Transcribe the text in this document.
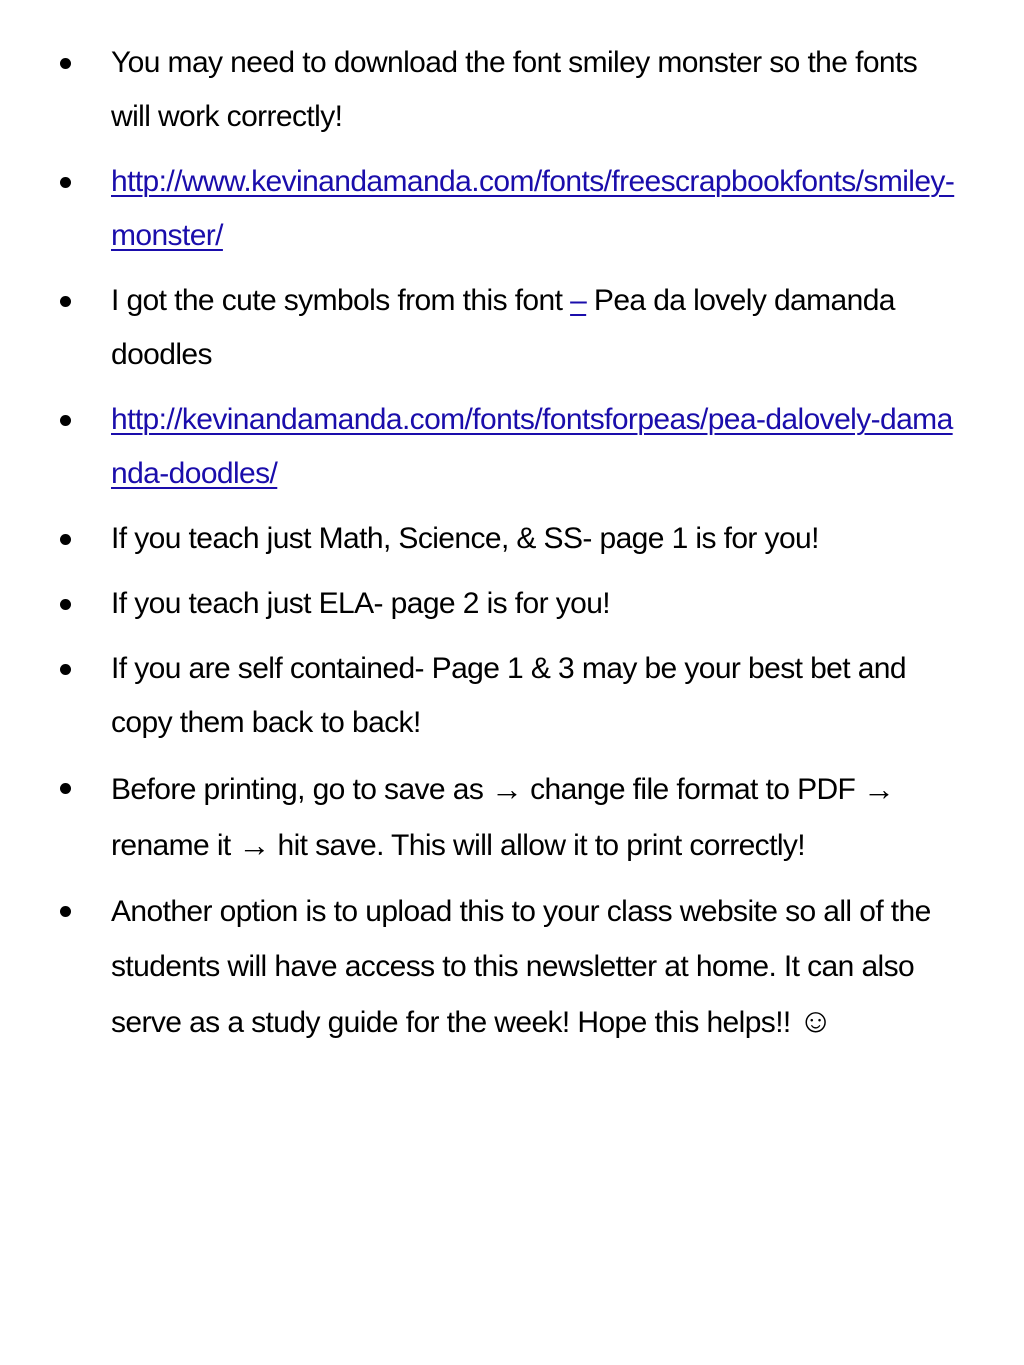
You may need to download the font smiley monster so the fonts will work correctly!
http://www.kevinandamanda.com/fonts/freescrapbookfonts/smiley-monster/
I got the cute symbols from this font – Pea da lovely damanda doodles
http://kevinandamanda.com/fonts/fontsforpeas/pea-dalovely-damanda-doodles/
If you teach just Math, Science, & SS- page 1 is for you!
If you teach just ELA- page 2 is for you!
If you are self contained- Page 1 & 3 may be your best bet and copy them back to back!
Before printing, go to save as → change file format to PDF → rename it → hit save. This will allow it to print correctly!
Another option is to upload this to your class website so all of the students will have access to this newsletter at home. It can also serve as a study guide for the week! Hope this helps!! ☺
